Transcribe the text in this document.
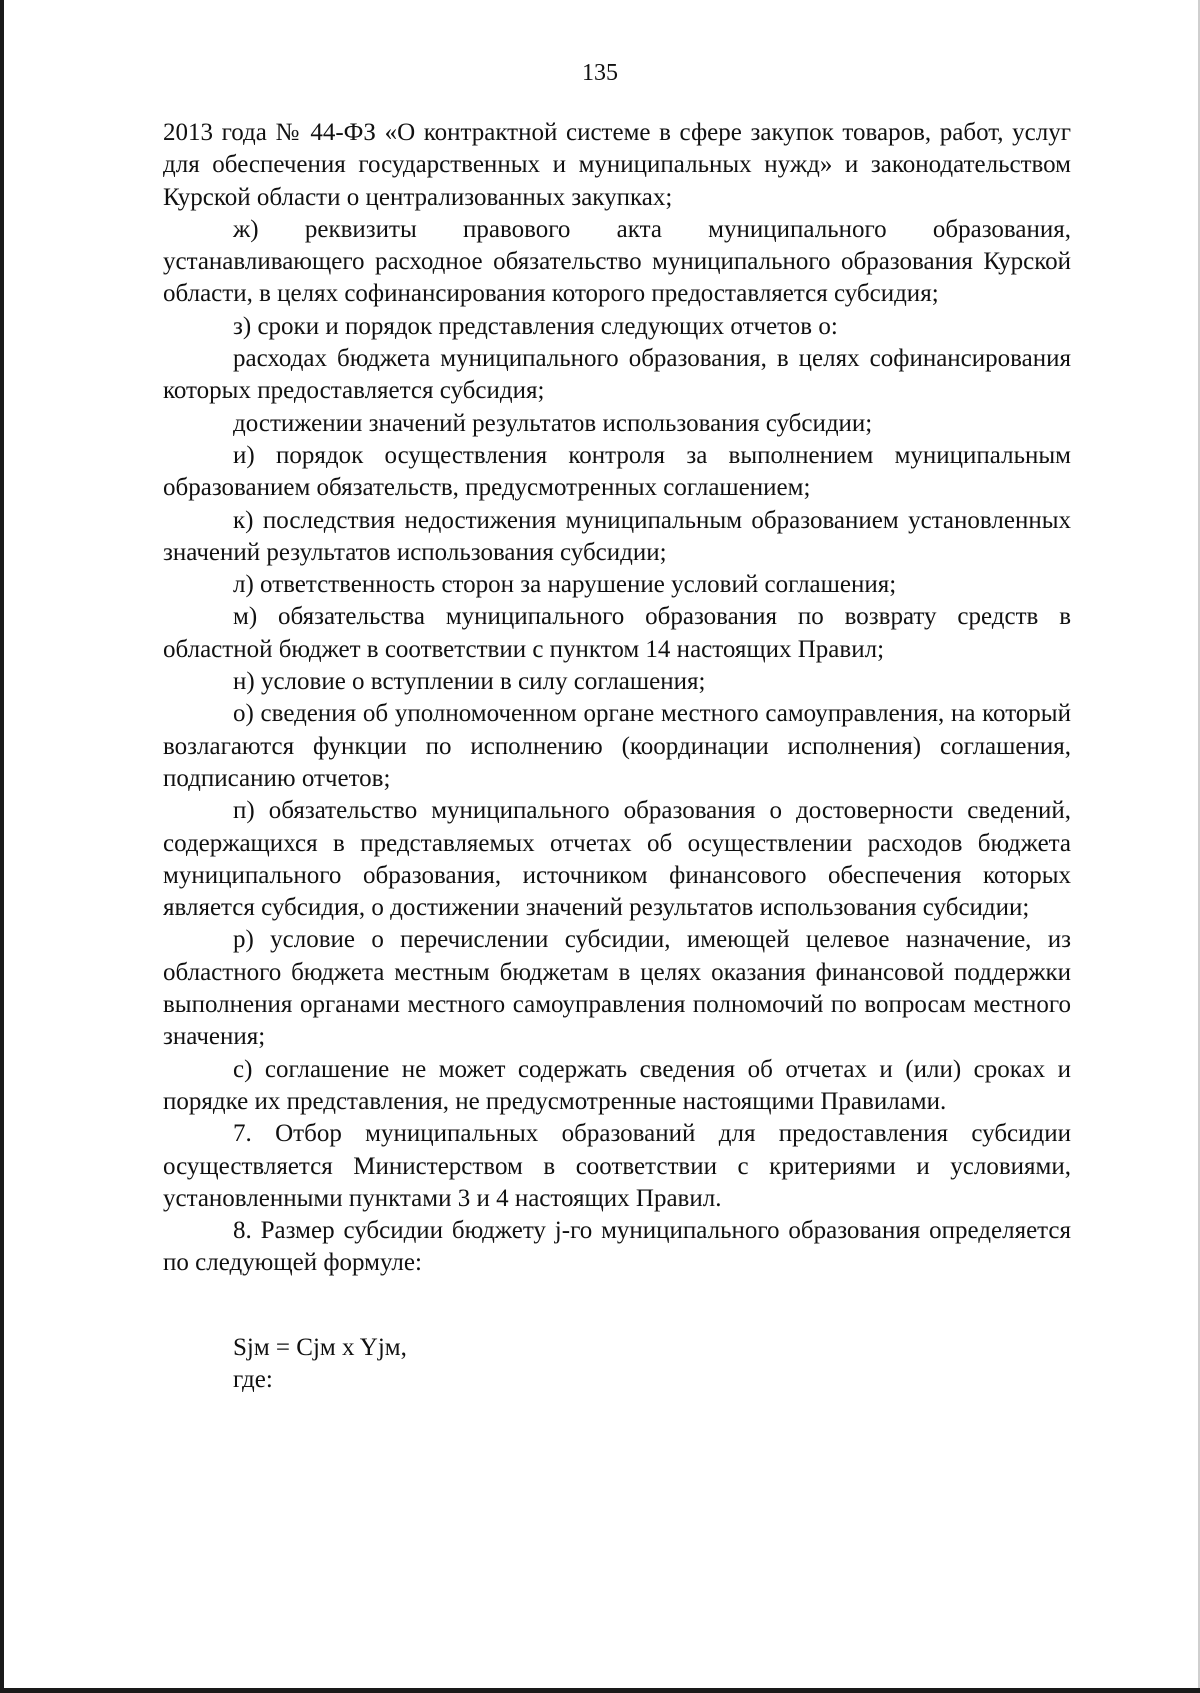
135

2013 года № 44-ФЗ «О контрактной системе в сфере закупок товаров, работ, услуг для обеспечения государственных и муниципальных нужд» и законодательством Курской области о централизованных закупках;

ж) реквизиты правового акта муниципального образования, устанавливающего расходное обязательство муниципального образования Курской области, в целях софинансирования которого предоставляется субсидия;

з) сроки и порядок представления следующих отчетов о:

расходах бюджета муниципального образования, в целях софинансирования которых предоставляется субсидия;

достижении значений результатов использования субсидии;

и) порядок осуществления контроля за выполнением муниципальным образованием обязательств, предусмотренных соглашением;

к) последствия недостижения муниципальным образованием установленных значений результатов использования субсидии;

л) ответственность сторон за нарушение условий соглашения;

м) обязательства муниципального образования по возврату средств в областной бюджет в соответствии с пунктом 14 настоящих Правил;

н) условие о вступлении в силу соглашения;

о) сведения об уполномоченном органе местного самоуправления, на который возлагаются функции по исполнению (координации исполнения) соглашения, подписанию отчетов;

п) обязательство муниципального образования о достоверности сведений, содержащихся в представляемых отчетах об осуществлении расходов бюджета муниципального образования, источником финансового обеспечения которых является субсидия, о достижении значений результатов использования субсидии;

р) условие о перечислении субсидии, имеющей целевое назначение, из областного бюджета местным бюджетам в целях оказания финансовой поддержки выполнения органами местного самоуправления полномочий по вопросам местного значения;

с) соглашение не может содержать сведения об отчетах и (или) сроках и порядке их представления, не предусмотренные настоящими Правилами.

7. Отбор муниципальных образований для предоставления субсидии осуществляется Министерством в соответствии с критериями и условиями, установленными пунктами 3 и 4 настоящих Правил.

8. Размер субсидии бюджету j-го муниципального образования определяется по следующей формуле:

Sjм = Cjм x Yjм,

где:
